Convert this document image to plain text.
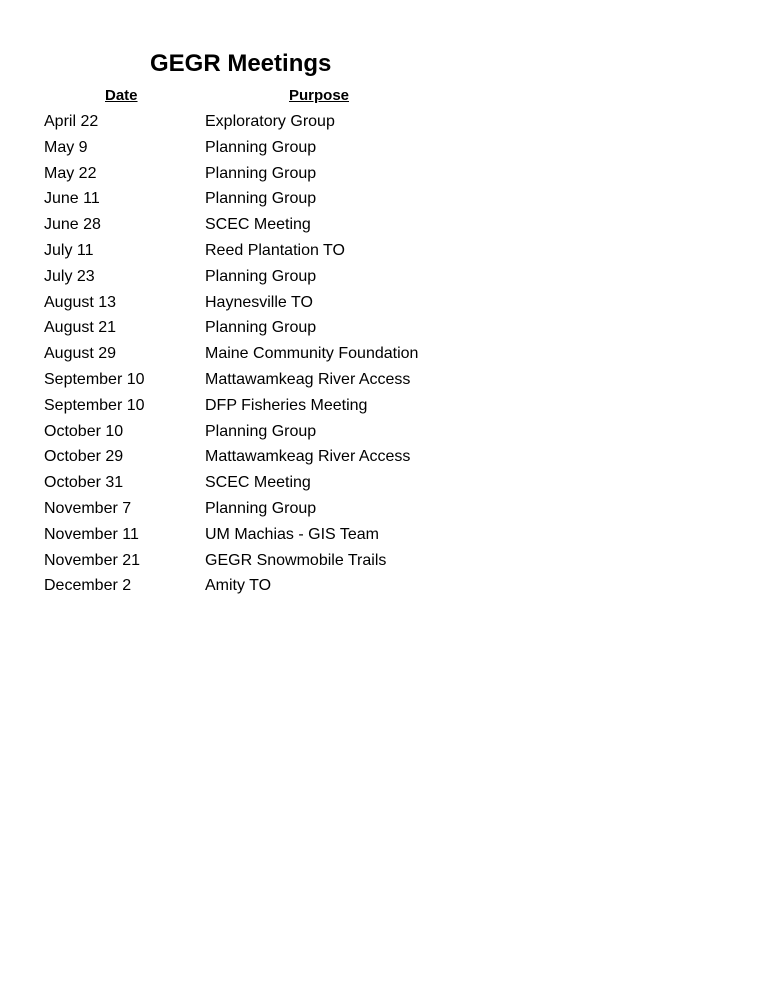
GEGR Meetings
Date	Purpose
April 22	Exploratory Group
May 9	Planning Group
May 22	Planning Group
June 11	Planning Group
June 28	SCEC Meeting
July 11	Reed Plantation TO
July 23	Planning Group
August 13	Haynesville TO
August 21	Planning Group
August 29	Maine Community Foundation
September 10	Mattawamkeag River Access
September 10	DFP Fisheries Meeting
October 10	Planning Group
October 29	Mattawamkeag River Access
October 31	SCEC Meeting
November 7	Planning Group
November 11	UM Machias - GIS Team
November 21	GEGR Snowmobile Trails
December 2	Amity TO
